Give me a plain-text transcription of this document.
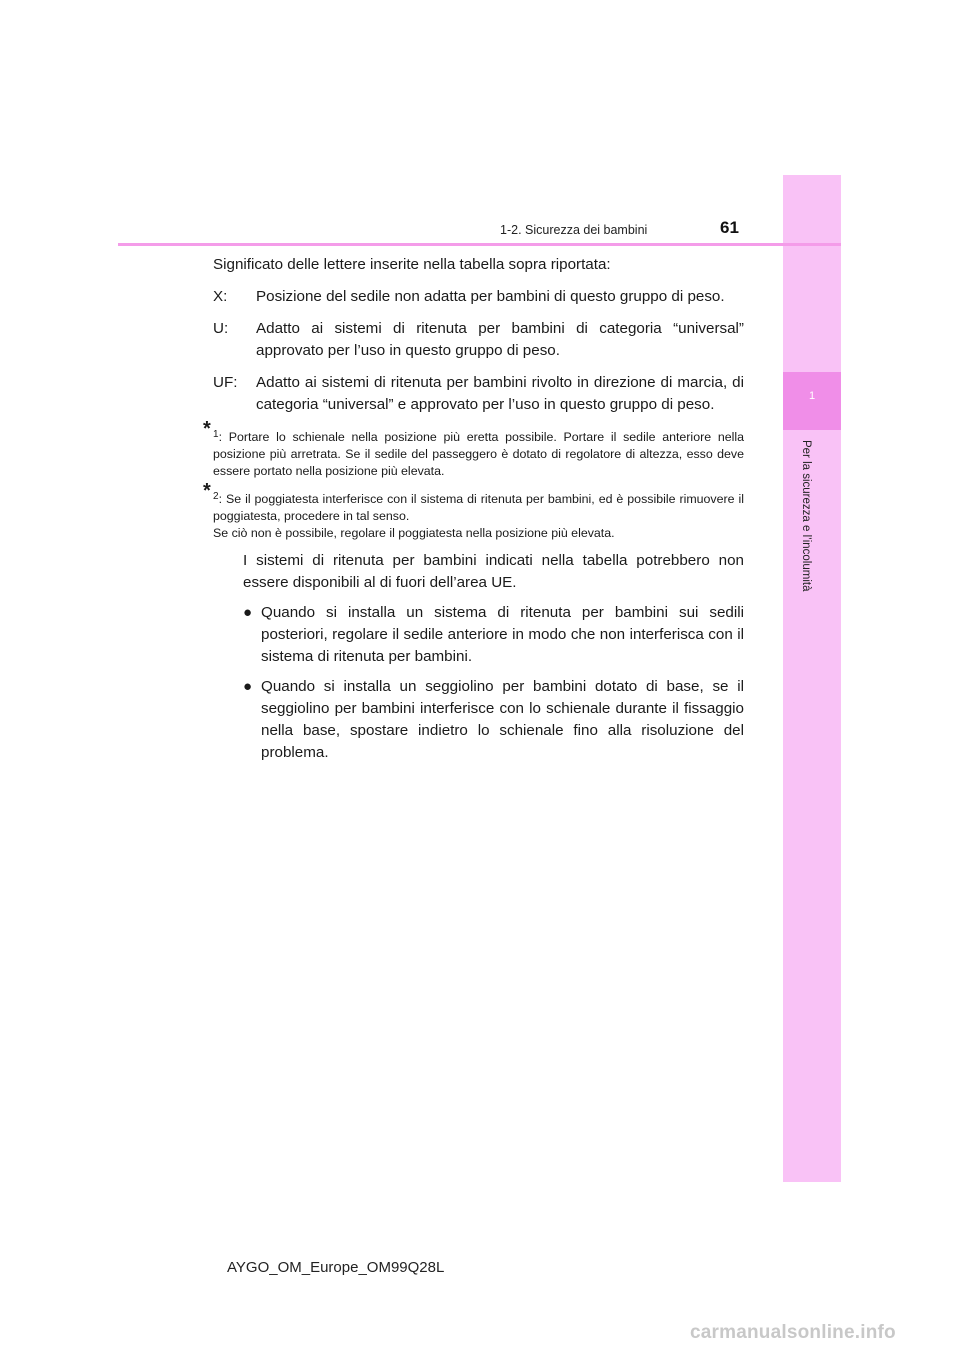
1
Per la sicurezza e l’incolumità
1-2. Sicurezza dei bambini	61

Significato delle lettere inserite nella tabella sopra riportata:

X:	Posizione del sedile non adatta per bambini di questo gruppo di peso.
U:	Adatto ai sistemi di ritenuta per bambini di categoria “universal” approvato per l’uso in questo gruppo di peso.
UF:	Adatto ai sistemi di ritenuta per bambini rivolto in direzione di marcia, di categoria “universal” e approvato per l’uso in questo gruppo di peso.
* $^1$: Portare lo schienale nella posizione più eretta possibile. Portare il sedile anteriore nella posizione più arretrata. Se il sedile del passeggero è dotato di regolatore di altezza, esso deve essere portato nella posizione più elevata.
* $^2$: Se il poggiatesta interferisce con il sistema di ritenuta per bambini, ed è possibile rimuovere il poggiatesta, procedere in tal senso.
Se ciò non è possibile, regolare il poggiatesta nella posizione più elevata.

I sistemi di ritenuta per bambini indicati nella tabella potrebbero non essere disponibili al di fuori dell’area UE.

● Quando si installa un sistema di ritenuta per bambini sui sedili posteriori, regolare il sedile anteriore in modo che non interferisca con il sistema di ritenuta per bambini.
● Quando si installa un seggiolino per bambini dotato di base, se il seggiolino per bambini interferisce con lo schienale durante il fissaggio nella base, spostare indietro lo schienale fino alla risoluzione del problema.
AYGO_OM_Europe_OM99Q28L
carmanualsonline.info
